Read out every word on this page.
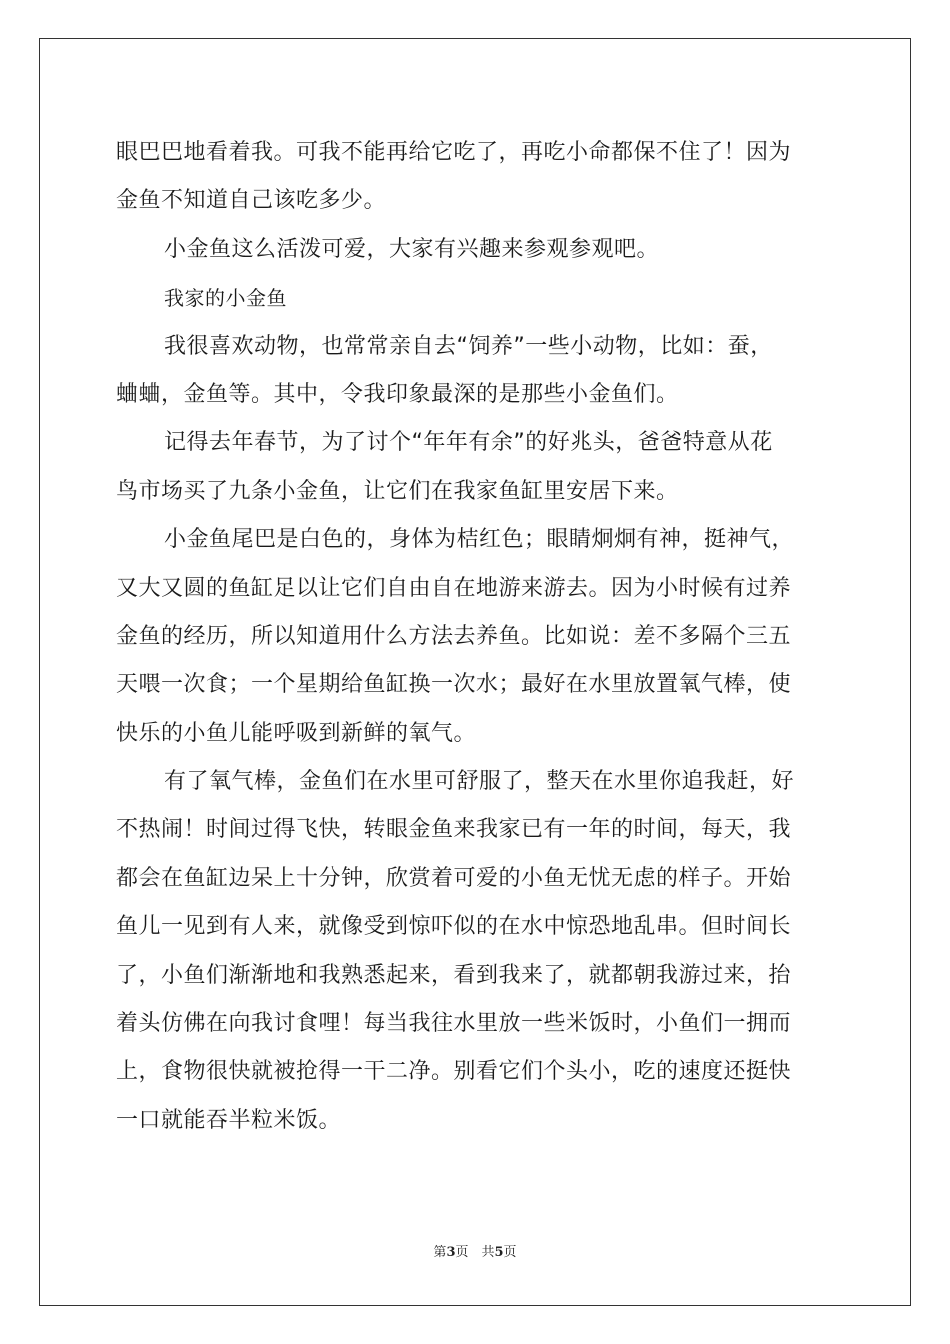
眼巴巴地看着我。可我不能再给它吃了，再吃小命都保不住了！因为
金鱼不知道自己该吃多少。
小金鱼这么活泼可爱，大家有兴趣来参观参观吧。
我家的小金鱼
我很喜欢动物，也常常亲自去“饲养”一些小动物，比如：蚕，
蛐蛐，金鱼等。其中，令我印象最深的是那些小金鱼们。
记得去年春节，为了讨个“年年有余”的好兆头，爸爸特意从花
鸟市场买了九条小金鱼，让它们在我家鱼缸里安居下来。
小金鱼尾巴是白色的，身体为桔红色；眼睛炯炯有神，挺神气，
又大又圆的鱼缸足以让它们自由自在地游来游去。因为小时候有过养
金鱼的经历，所以知道用什么方法去养鱼。比如说：差不多隔个三五
天喂一次食；一个星期给鱼缸换一次水；最好在水里放置氧气棒，使
快乐的小鱼儿能呼吸到新鲜的氧气。
有了氧气棒，金鱼们在水里可舒服了，整天在水里你追我赶，好
不热闹！时间过得飞快，转眼金鱼来我家已有一年的时间，每天，我
都会在鱼缸边呆上十分钟，欣赏着可爱的小鱼无忧无虑的样子。开始
鱼儿一见到有人来，就像受到惊吓似的在水中惊恐地乱串。但时间长
了，小鱼们渐渐地和我熟悉起来，看到我来了，就都朝我游过来，抬
着头仿佛在向我讨食哩！每当我往水里放一些米饭时，小鱼们一拥而
上，食物很快就被抢得一干二净。别看它们个头小，吃的速度还挺快
一口就能吞半粒米饭。
第3页　共5页
